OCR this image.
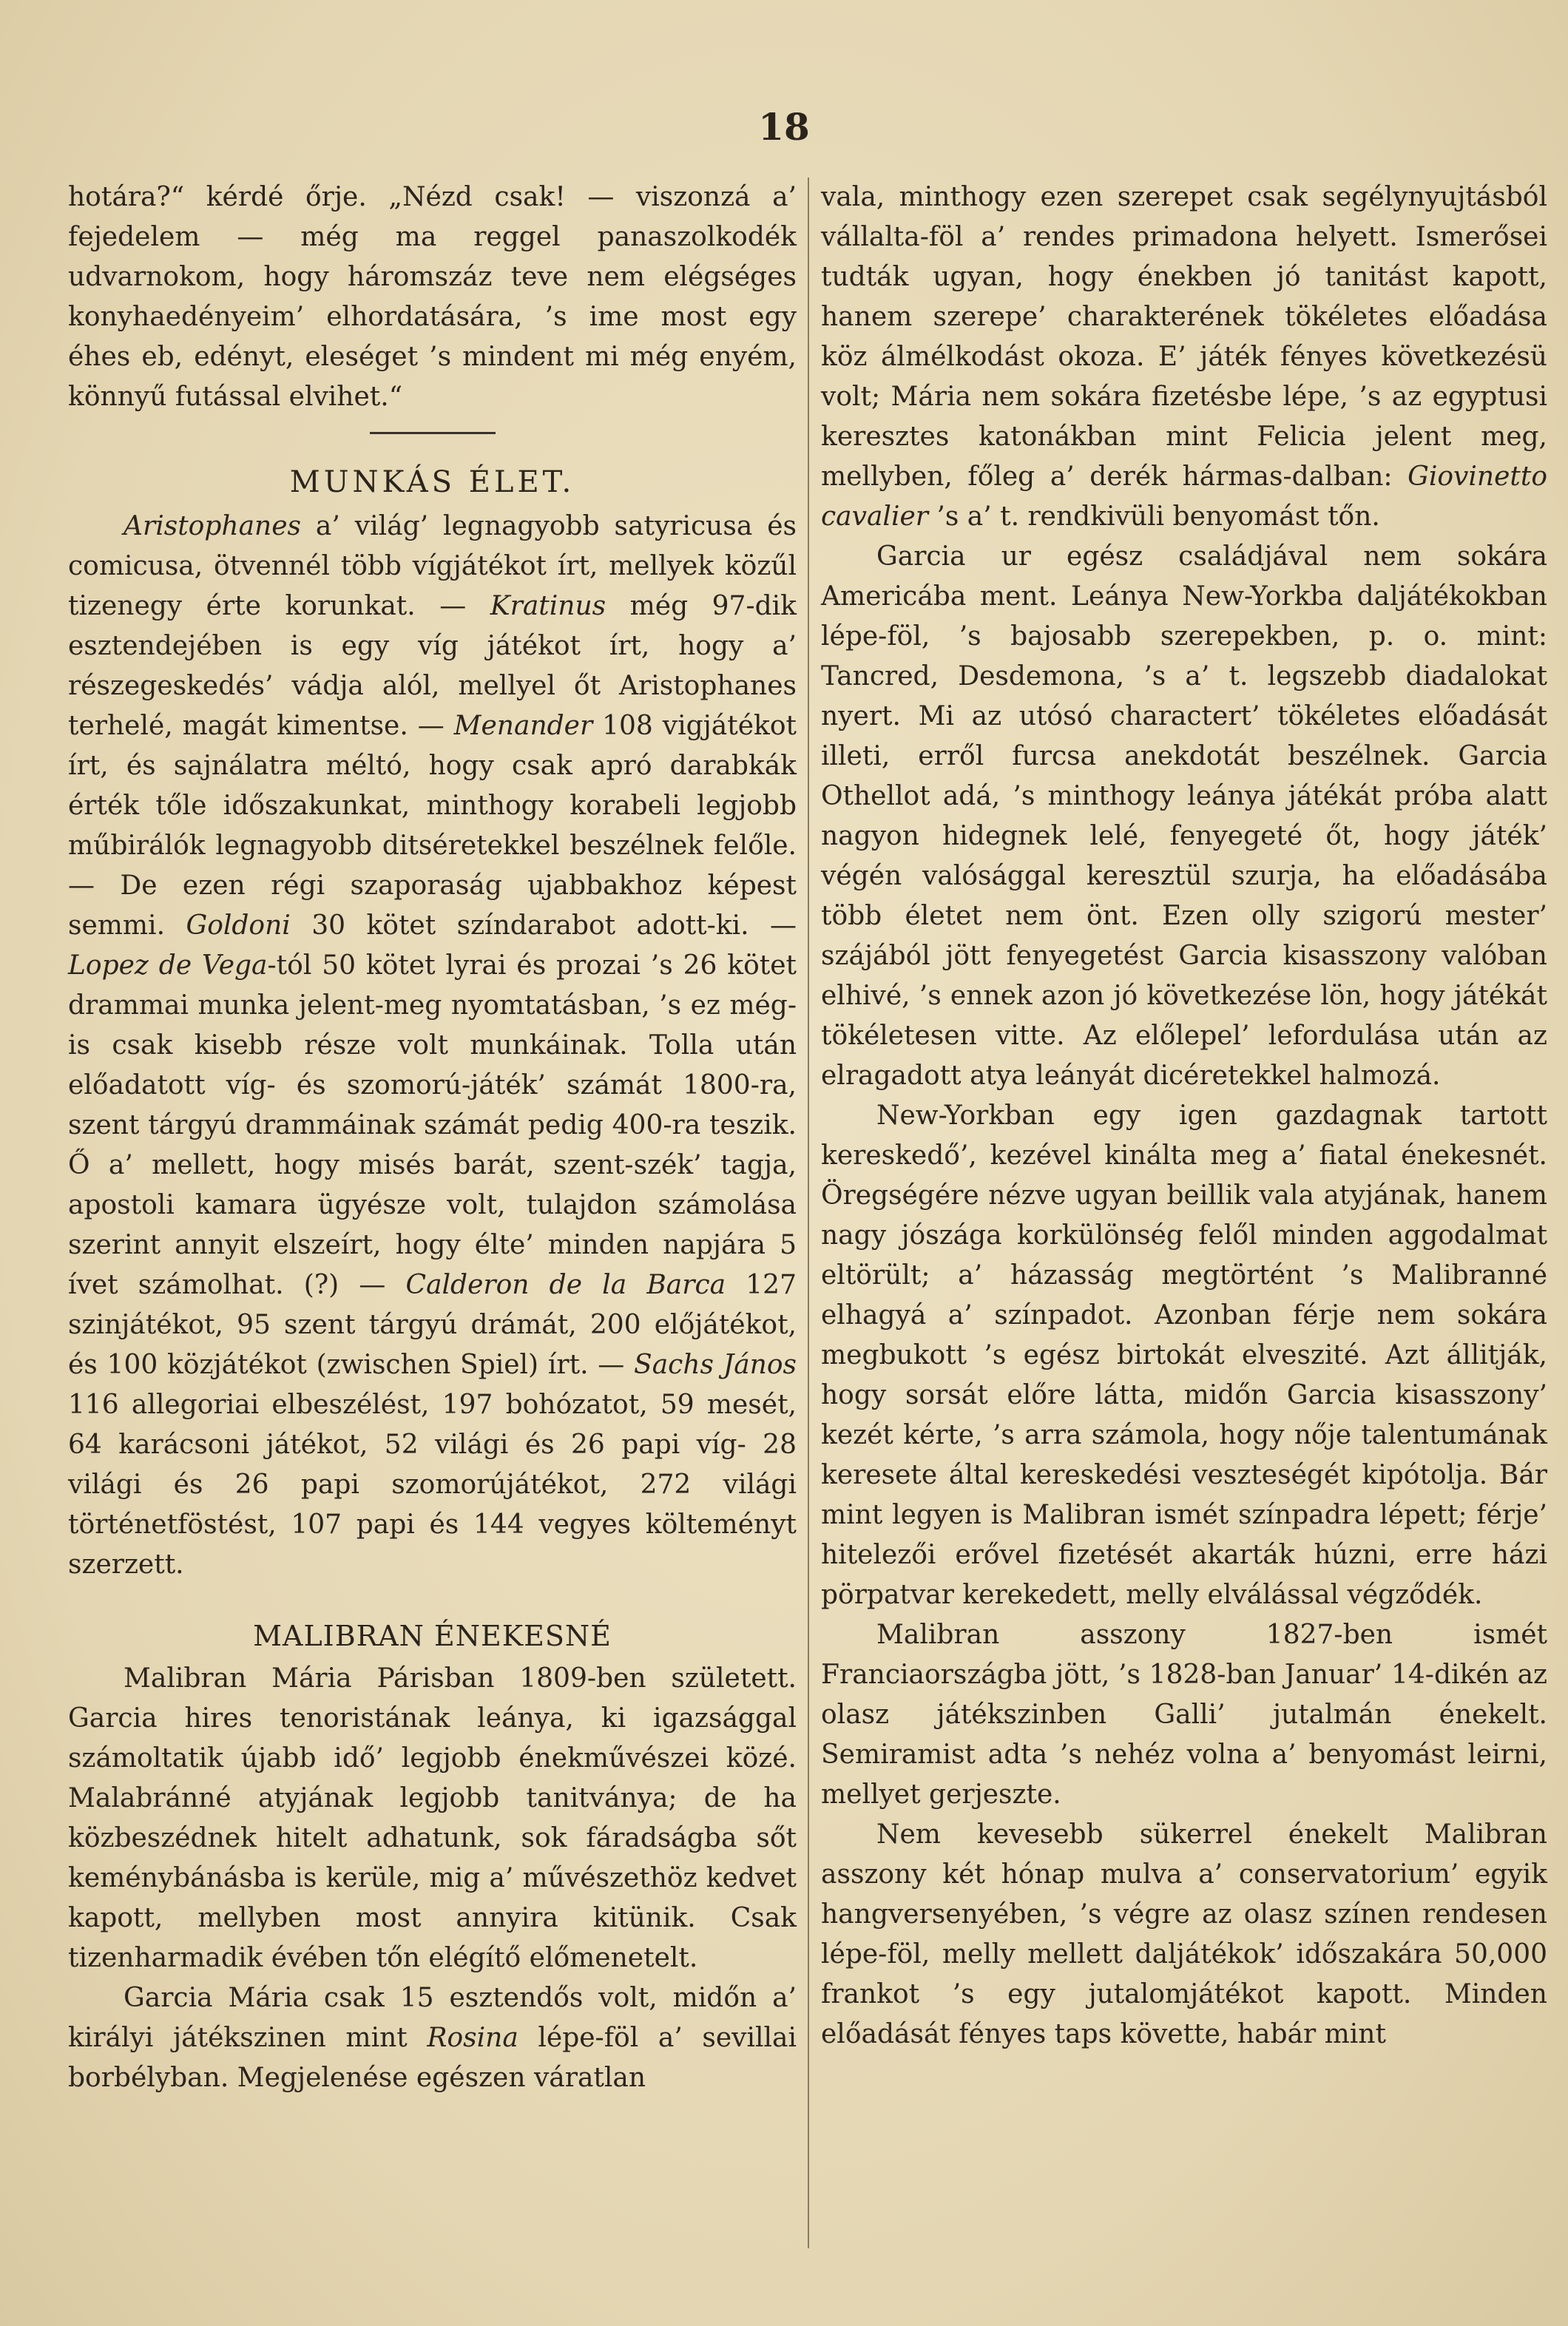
18

hotára?“ kérdé őrje. „Nézd csak! — viszonzá a’ fejedelem — még ma reggel panaszolkodék udvarnokom, hogy háromszáz teve nem elégséges konyhaedényeim’ elhordatására, ’s ime most egy éhes eb, edényt, eleséget ’s mindent mi még enyém, könnyű futással elvihet.“

MUNKÁS ÉLET.

Aristophanes a’ világ’ legnagyobb satyricusa és comicusa, ötvennél több vígjátékot írt, mellyek közűl tizenegy érte korunkat. — Kratinus még 97-dik esztendejében is egy víg játékot írt, hogy a’ részegeskedés’ vádja alól, mellyel őt Aristophanes terhelé, magát kimentse. — Menander 108 vigjátékot írt, és sajnálatra méltó, hogy csak apró darabkák érték tőle időszakunkat, minthogy korabeli legjobb műbirálók legnagyobb ditséretekkel beszélnek felőle. — De ezen régi szaporaság ujabbakhoz képest semmi. Goldoni 30 kötet színdarabot adott-ki. — Lopez de Vega-tól 50 kötet lyrai és prozai ’s 26 kötet drammai munka jelent-meg nyomtatásban, ’s ez még-is csak kisebb része volt munkáinak. Tolla után előadatott víg- és szomorú-játék’ számát 1800-ra, szent tárgyú drammáinak számát pedig 400-ra teszik. Ő a’ mellett, hogy misés barát, szent-szék’ tagja, apostoli kamara ügyésze volt, tulajdon számolása szerint annyit elszeírt, hogy élte’ minden napjára 5 ívet számolhat. (?) — Calderon de la Barca 127 szinjátékot, 95 szent tárgyú drámát, 200 előjátékot, és 100 közjátékot (zwischen Spiel) írt. — Sachs János 116 allegoriai elbeszélést, 197 bohózatot, 59 mesét, 64 karácsoni játékot, 52 világi és 26 papi víg- 28 világi és 26 papi szomorújátékot, 272 világi történetföstést, 107 papi és 144 vegyes költeményt szerzett.

MALIBRAN ÉNEKESNÉ

Malibran Mária Párisban 1809-ben született. Garcia hires tenoristának leánya, ki igazsággal számoltatik újabb idő’ legjobb énekművészei közé. Malabránné atyjának legjobb tanitványa; de ha közbeszédnek hitelt adhatunk, sok fáradságba sőt keménybánásba is kerüle, mig a’ művészethöz kedvet kapott, mellyben most annyira kitünik. Csak tizenharmadik évében tőn elégítő előmenetelt.

Garcia Mária csak 15 esztendős volt, midőn a’ királyi játékszinen mint Rosina lépe-föl a’ sevillai borbélyban. Megjelenése egészen váratlan

vala, minthogy ezen szerepet csak segélynyujtásból vállalta-föl a’ rendes primadona helyett. Ismerősei tudták ugyan, hogy énekben jó tanitást kapott, hanem szerepe’ charakterének tökéletes előadása köz álmélkodást okoza. E’ játék fényes következésü volt; Mária nem sokára fizetésbe lépe, ’s az egyptusi keresztes katonákban mint Felicia jelent meg, mellyben, főleg a’ derék hármas-dalban: Giovinetto cavalier ’s a’ t. rendkivüli benyomást tőn.

Garcia ur egész családjával nem sokára Americába ment. Leánya New-Yorkba daljátékokban lépe-föl, ’s bajosabb szerepekben, p. o. mint: Tancred, Desdemona, ’s a’ t. legszebb diadalokat nyert. Mi az utósó charactert’ tökéletes előadását illeti, erről furcsa anekdotát beszélnek. Garcia Othellot adá, ’s minthogy leánya játékát próba alatt nagyon hidegnek lelé, fenyegeté őt, hogy játék’ végén valósággal keresztül szurja, ha előadásába több életet nem önt. Ezen olly szigorú mester’ szájából jött fenyegetést Garcia kisasszony valóban elhivé, ’s ennek azon jó következése lön, hogy játékát tökéletesen vitte. Az előlepel’ lefordulása után az elragadott atya leányát dicéretekkel halmozá.

New-Yorkban egy igen gazdagnak tartott kereskedő’, kezével kinálta meg a’ fiatal énekesnét. Öregségére nézve ugyan beillik vala atyjának, hanem nagy jószága korkülönség felől minden aggodalmat eltörült; a’ házasság megtörtént ’s Malibranné elhagyá a’ színpadot. Azonban férje nem sokára megbukott ’s egész birtokát elveszité. Azt állitják, hogy sorsát előre látta, midőn Garcia kisasszony’ kezét kérte, ’s arra számola, hogy nője talentumának keresete által kereskedési veszteségét kipótolja. Bár mint legyen is Malibran ismét színpadra lépett; férje’ hitelezői erővel fizetését akarták húzni, erre házi pörpatvar kerekedett, melly elválással végződék.

Malibran asszony 1827-ben ismét Franciaországba jött, ’s 1828-ban Januar’ 14-dikén az olasz játékszinben Galli’ jutalmán énekelt. Semiramist adta ’s nehéz volna a’ benyomást leirni, mellyet gerjeszte.

Nem kevesebb sükerrel énekelt Malibran asszony két hónap mulva a’ conservatorium’ egyik hangversenyében, ’s végre az olasz színen rendesen lépe-föl, melly mellett daljátékok’ időszakára 50,000 frankot ’s egy jutalomjátékot kapott. Minden előadását fényes taps követte, habár mint
